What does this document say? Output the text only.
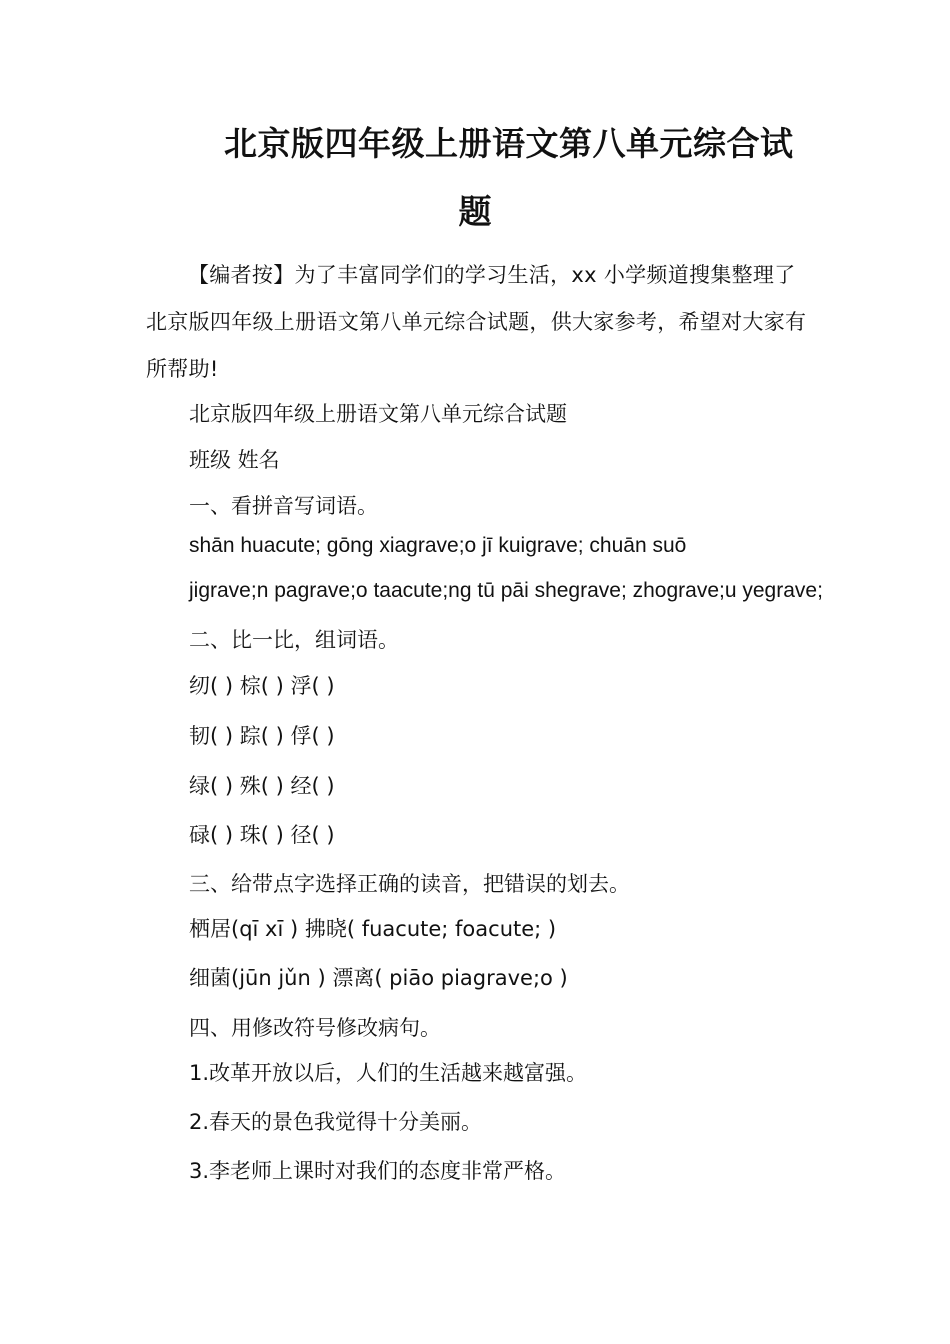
北京版四年级上册语文第八单元综合试
题
【编者按】为了丰富同学们的学习生活，xx 小学频道搜集整理了北京版四年级上册语文第八单元综合试题，供大家参考，希望对大家有所帮助!
北京版四年级上册语文第八单元综合试题
班级 姓名
一、看拼音写词语。
shān huacute; gōng xiagrave;o jī kuigrave; chuān suō
jigrave;n pagrave;o taacute;ng tū pāi shegrave; zhograve;u yegrave;
二、比一比，组词语。
纫( ) 棕( ) 浮( )
韧( ) 踪( ) 俘( )
绿( ) 殊( ) 经( )
碌( ) 珠( ) 径( )
三、给带点字选择正确的读音，把错误的划去。
栖居(qī xī ) 拂晓( fuacute; foacute; )
细菌(jūn jǔn ) 漂离( piāo piagrave;o )
四、用修改符号修改病句。
1.改革开放以后，人们的生活越来越富强。
2.春天的景色我觉得十分美丽。
3.李老师上课时对我们的态度非常严格。
